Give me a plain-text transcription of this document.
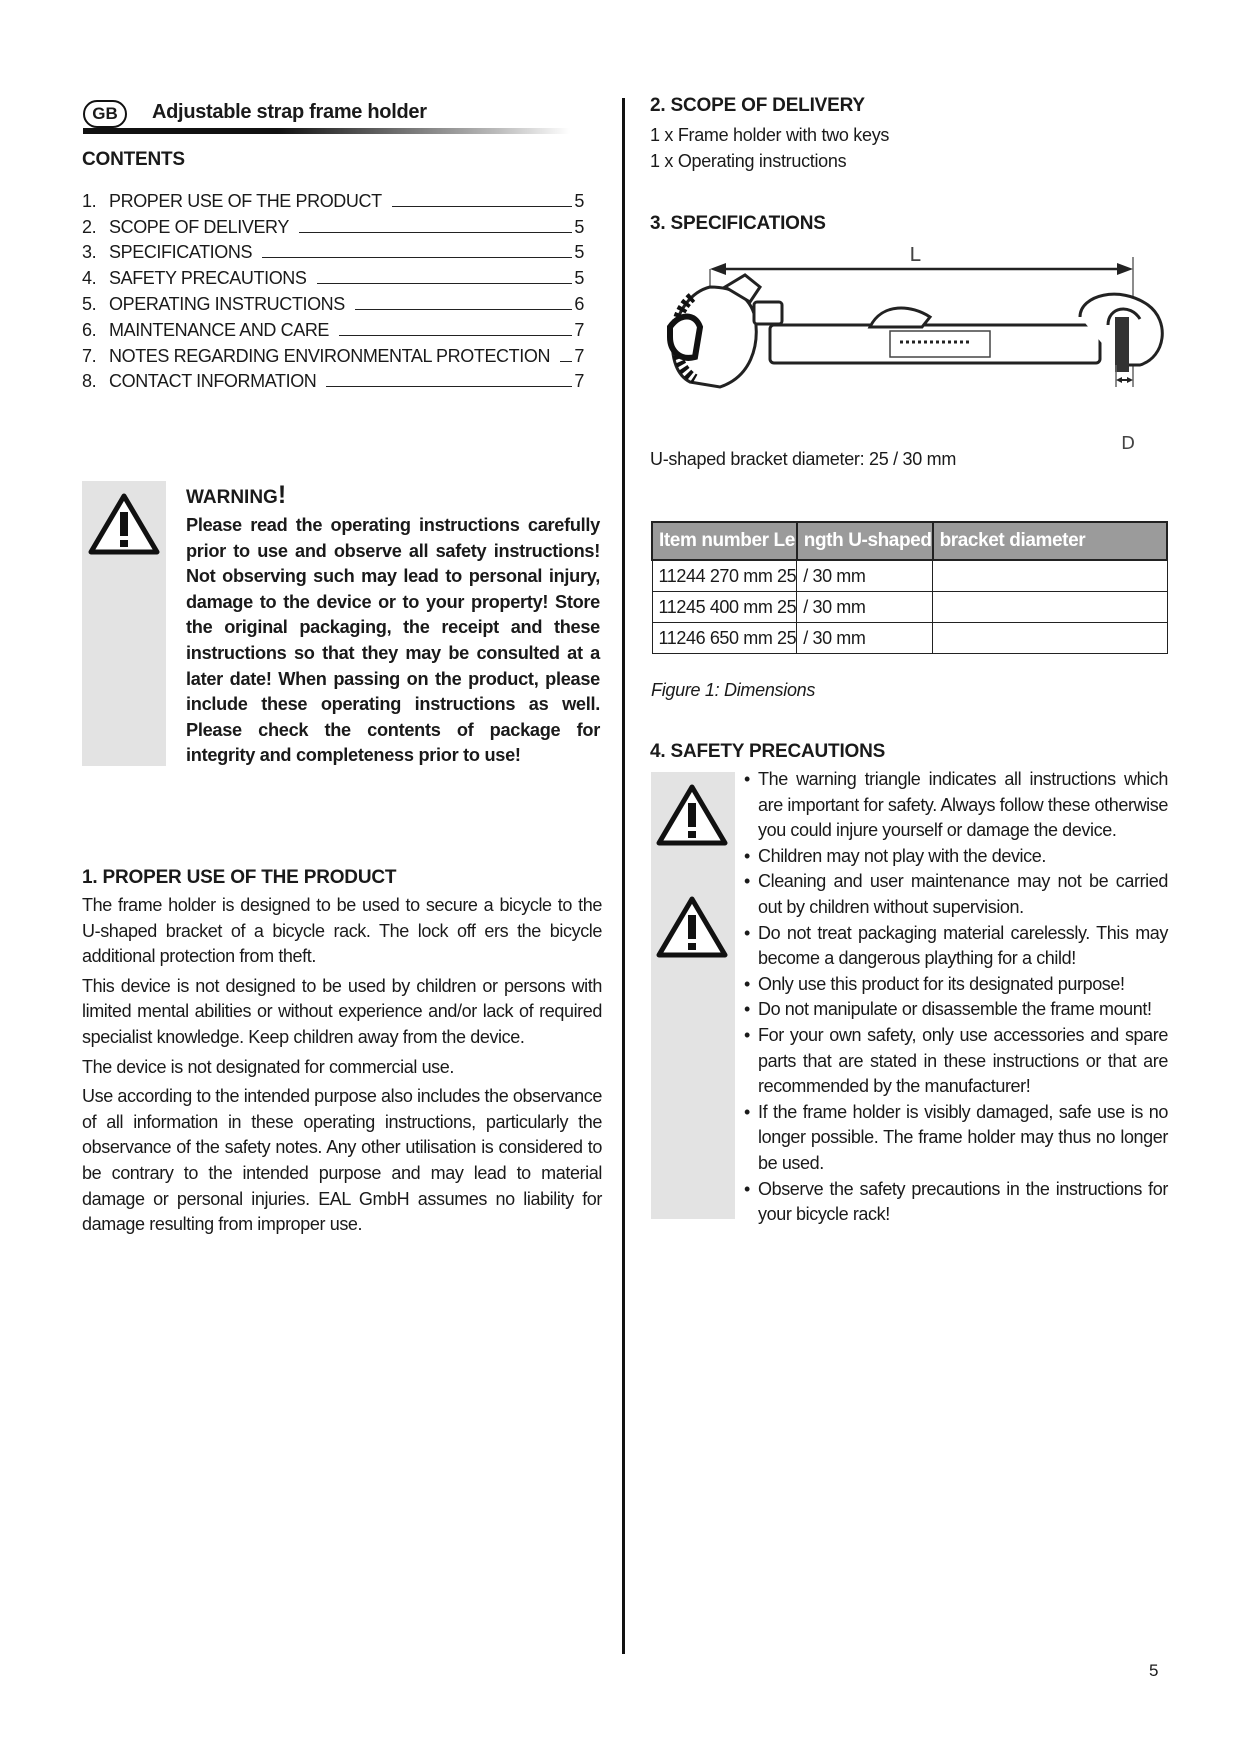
GB	Adjustable strap frame holder
CONTENTS
1. PROPER USE OF THE PRODUCT	5
2. SCOPE OF DELIVERY	5
3. SPECIFICATIONS	5
4. SAFETY PRECAUTIONS	5
5. OPERATING INSTRUCTIONS	6
6. MAINTENANCE AND CARE	7
7. NOTES REGARDING ENVIRONMENTAL PROTECTION 7
8. CONTACT INFORMATION	7
WARNING!
Please read the operating instructions carefully prior to use and observe all safety instructions! Not observing such may lead to personal injury, damage to the device or to your property! Store the original packaging, the receipt and these instructions so that they may be consulted at a later date! When passing on the product, please include these operating instructions as well. Please check the contents of package for integrity and completeness prior to use!
1. PROPER USE OF THE PRODUCT

The frame holder is designed to be used to secure a bicycle to the U-shaped bracket of a bicycle rack. The lock off ers the bicycle additional protection from theft.

This device is not designed to be used by children or persons with limited mental abilities or without experience and/or lack of required specialist knowledge. Keep children away from the device.

The device is not designated for commercial use.

Use according to the intended purpose also includes the observance of all information in these operating instructions, particularly the observance of the safety notes. Any other utilisation is considered to be contrary to the intended purpose and may lead to material damage or personal injuries. EAL GmbH assumes no liability for damage resulting from improper use.

2. SCOPE OF DELIVERY
1 x Frame holder with two keys
1 x Operating instructions
3. SPECIFICATIONS
L
D
U-shaped bracket diameter: 25 / 30 mm
Item number Le	ngth U-shaped	bracket diameter
11244 270 mm 25	/ 30 mm	
11245 400 mm 25	/ 30 mm	
11246 650 mm 25	/ 30 mm	
Figure 1: Dimensions
4. SAFETY PRECAUTIONS
• The warning triangle indicates all instructions which are important for safety. Always follow these otherwise you could injure yourself or damage the device.
• Children may not play with the device.
• Cleaning and user maintenance may not be carried out by children without supervision.
• Do not treat packaging material carelessly. This may become a dangerous plaything for a child!
• Only use this product for its designated purpose!
• Do not manipulate or disassemble the frame mount!
• For your own safety, only use accessories and spare parts that are stated in these instructions or that are recommended by the manufacturer!
• If the frame holder is visibly damaged, safe use is no longer possible. The frame holder may thus no longer be used.
• Observe the safety precautions in the instructions for your bicycle rack!
5
